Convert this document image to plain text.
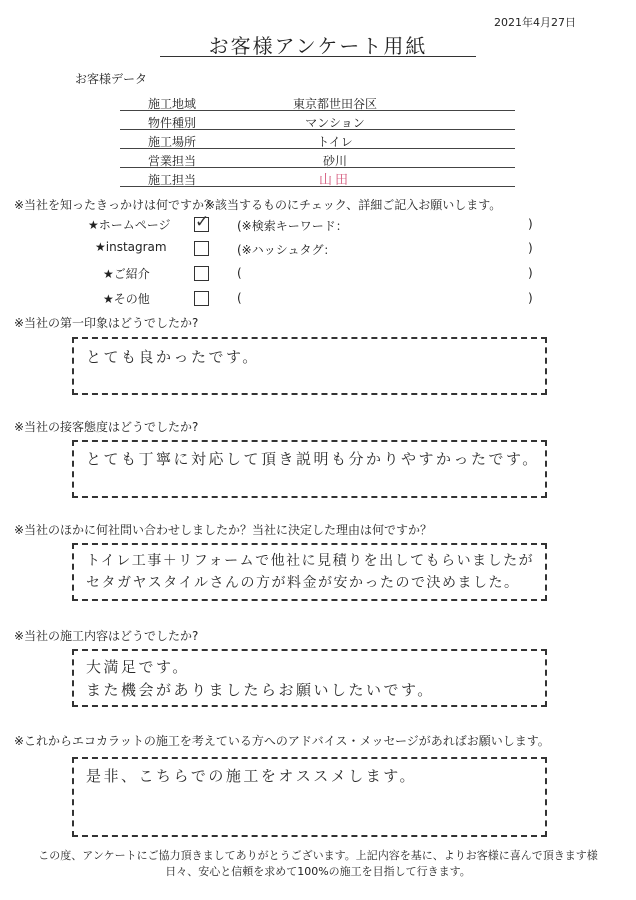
2021年4月27日
お客様アンケート用紙
お客様データ
施工地域	東京都世田谷区
物件種別	マンション
施工場所	トイレ
営業担当	砂川
施工担当	山田
※当社を知ったきっかけは何ですか？
※該当するものにチェック、詳細ご記入お願いします。
★ホームページ ✓ (※検索キーワード：	)
★instagram	(※ハッシュタグ：	)
★ご紹介	(	)
★その他	(	)
※当社の第一印象はどうでしたか?
とても良かったです。
※当社の接客態度はどうでしたか?
とても丁寧に対応して頂き説明も分かりやすかったです。
※当社のほかに何社問い合わせしましたか？当社に決定した理由は何ですか？
トイレ工事＋リフォームで他社に見積りを出してもらいましたが
セタガヤスタイルさんの方が料金が安かったので決めました。
※当社の施工内容はどうでしたか?
大満足です。
また機会がありましたらお願いしたいです。
※これからエコカラットの施工を考えている方へのアドバイス・メッセージがあればお願いします。
是非、こちらでの施工をオススメします。
この度、アンケートにご協力頂きましてありがとうございます。上記内容を基に、よりお客様に喜んで頂きます様
日々、安心と信頼を求めて100%の施工を目指して行きます。
